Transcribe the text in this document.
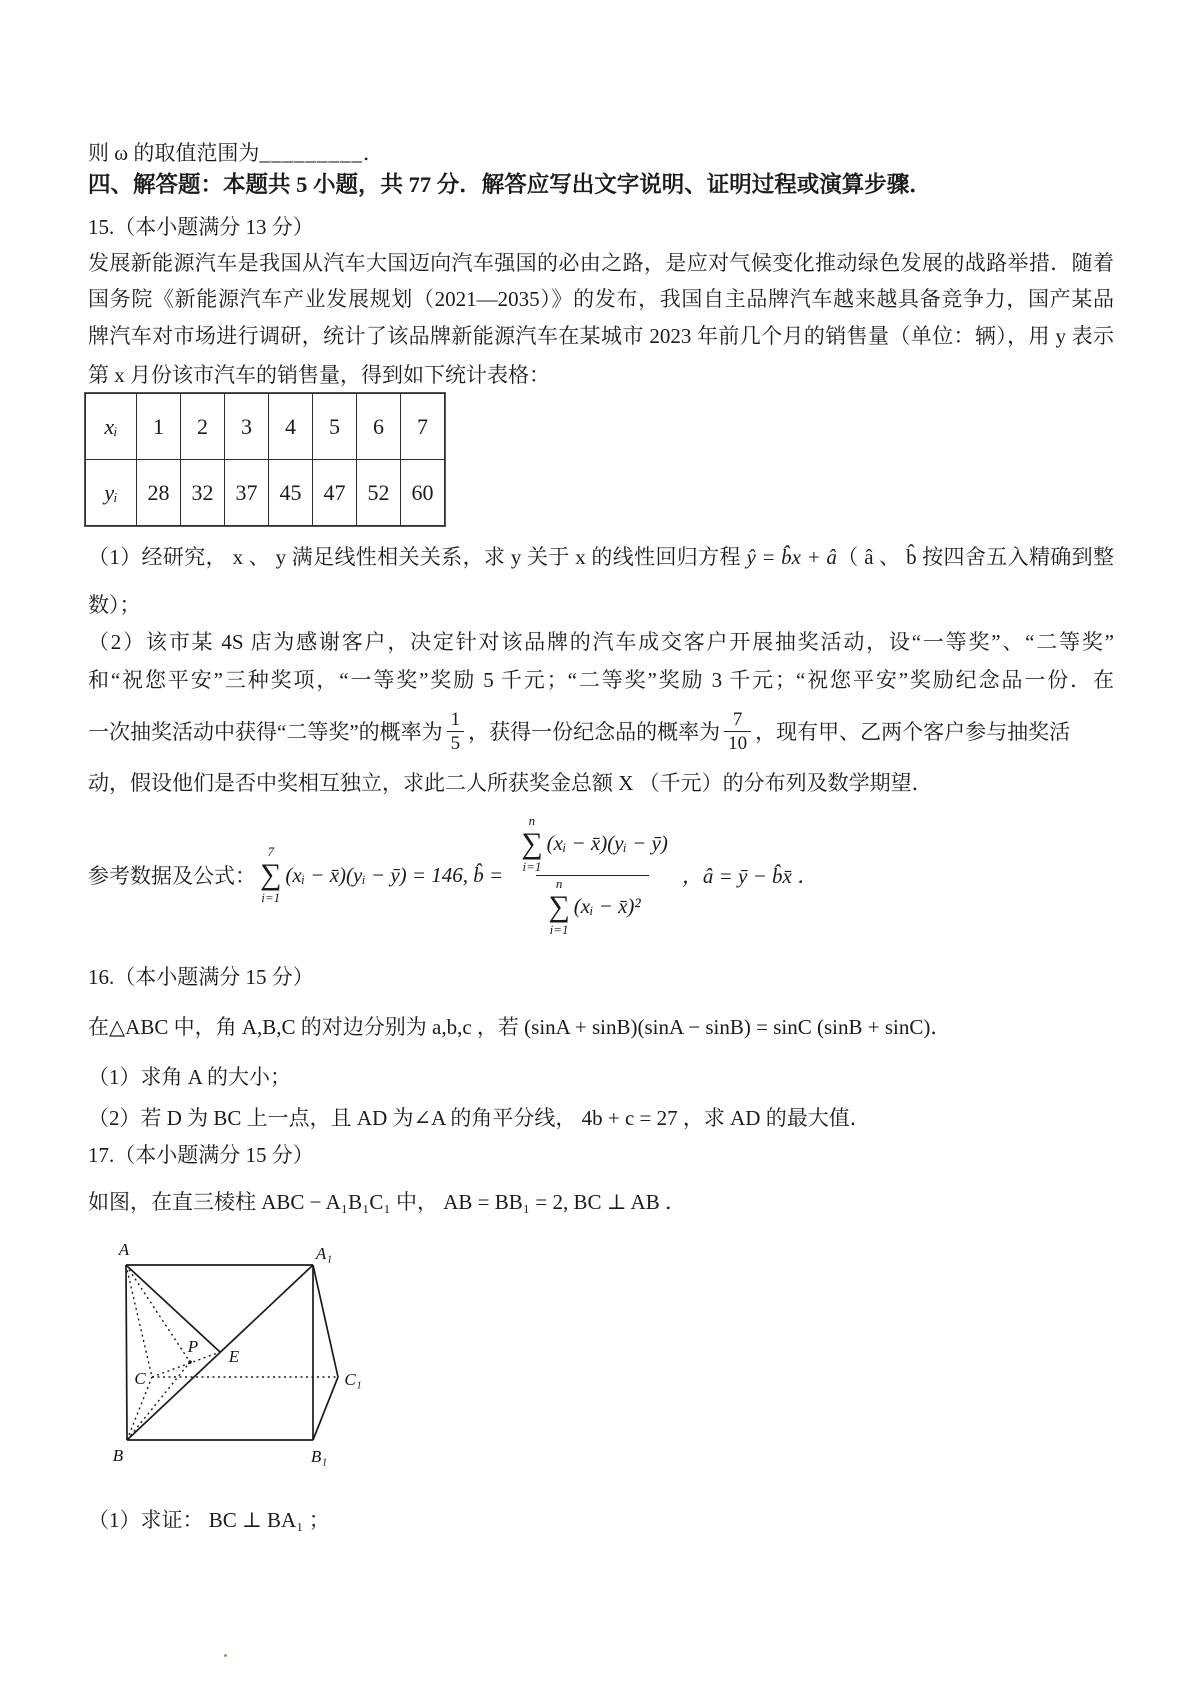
则 ω 的取值范围为_________．
四、解答题：本题共 5 小题，共 77 分．解答应写出文字说明、证明过程或演算步骤．
15.（本小题满分 13 分）
发展新能源汽车是我国从汽车大国迈向汽车强国的必由之路，是应对气候变化推动绿色发展的战路举措．随着
国务院《新能源汽车产业发展规划（2021—2035）》的发布，我国自主品牌汽车越来越具备竞争力，国产某品
牌汽车对市场进行调研，统计了该品牌新能源汽车在某城市 2023 年前几个月的销售量（单位：辆），用 y 表示
第 x 月份该市汽车的销售量，得到如下统计表格：
xᵢ	1	2	3	4	5	6	7
yᵢ	28	32	37	45	47	52	60
（1）经研究， x 、 y 满足线性相关关系，求 y 关于 x 的线性回归方程 ŷ = b̂x + â（ â 、 b̂ 按四舍五入精确到整
数）；
（2）该市某 4S 店为感谢客户，决定针对该品牌的汽车成交客户开展抽奖活动，设“一等奖”、“二等奖”
和“祝您平安”三种奖项，“一等奖”奖励 5 千元；“二等奖”奖励 3 千元；“祝您平安”奖励纪念品一份．在
一次抽奖活动中获得“二等奖”的概率为 $\frac{1}{5}$ ，获得一份纪念品的概率为 $\frac{7}{10}$ ，现有甲、乙两个客户参与抽奖活
动，假设他们是否中奖相互独立，求此二人所获奖金总额 X （千元）的分布列及数学期望．
参考数据及公式：
7
∑
i=1
(xᵢ − x̄)(yᵢ − ȳ) = 146, b̂ =
n
∑
i=1
(xᵢ − x̄)(yᵢ − ȳ)
n
∑
i=1
(xᵢ − x̄)²
，â = ȳ − b̂x̄ ．
16.（本小题满分 15 分）
在△ABC 中，角 A,B,C 的对边分别为 a,b,c ，若 (sinA + sinB)(sinA − sinB) = sinC (sinB + sinC)．
（1）求角 A 的大小；
（2）若 D 为 BC 上一点，且 AD 为∠A 的角平分线， 4b + c = 27 ，求 AD 的最大值．
17.（本小题满分 15 分）
如图，在直三棱柱 ABC − A₁B₁C₁ 中， AB = BB₁ = 2, BC ⊥ AB ．
A	A₁
B	B₁
C	C₁
E
P
（1）求证： BC ⊥ BA₁ ；
